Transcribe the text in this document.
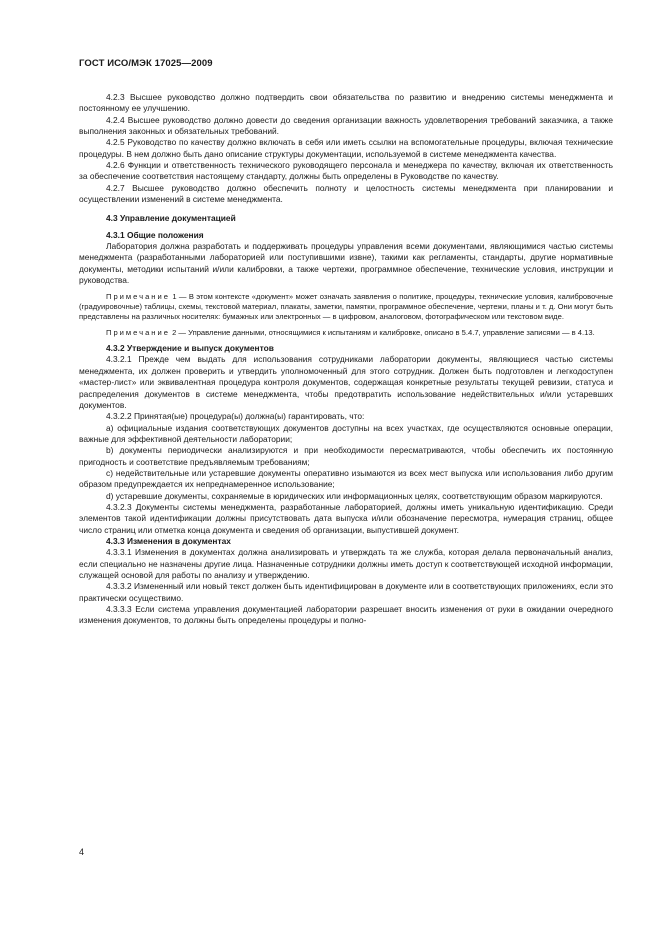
ГОСТ ИСО/МЭК 17025—2009

4.2.3 Высшее руководство должно подтвердить свои обязательства по развитию и внедрению системы менеджмента и постоянному ее улучшению.

4.2.4 Высшее руководство должно довести до сведения организации важность удовлетворения требований заказчика, а также выполнения законных и обязательных требований.

4.2.5 Руководство по качеству должно включать в себя или иметь ссылки на вспомогательные процедуры, включая технические процедуры. В нем должно быть дано описание структуры документации, используемой в системе менеджмента качества.

4.2.6 Функции и ответственность технического руководящего персонала и менеджера по качеству, включая их ответственность за обеспечение соответствия настоящему стандарту, должны быть определены в Руководстве по качеству.

4.2.7 Высшее руководство должно обеспечить полноту и целостность системы менеджмента при планировании и осуществлении изменений в системе менеджмента.

4.3 Управление документацией

4.3.1 Общие положения

Лаборатория должна разработать и поддерживать процедуры управления всеми документами, являющимися частью системы менеджмента (разработанными лабораторией или поступившими извне), такими как регламенты, стандарты, другие нормативные документы, методики испытаний и/или калибровки, а также чертежи, программное обеспечение, технические условия, инструкции и руководства.

Примечание 1 — В этом контексте «документ» может означать заявления о политике, процедуры, технические условия, калибровочные (градуировочные) таблицы, схемы, текстовой материал, плакаты, заметки, памятки, программное обеспечение, чертежи, планы и т. д. Они могут быть представлены на различных носителях: бумажных или электронных — в цифровом, аналоговом, фотографическом или текстовом виде.

Примечание 2 — Управление данными, относящимися к испытаниям и калибровке, описано в 5.4.7, управление записями — в 4.13.

4.3.2 Утверждение и выпуск документов

4.3.2.1 Прежде чем выдать для использования сотрудниками лаборатории документы, являющиеся частью системы менеджмента, их должен проверить и утвердить уполномоченный для этого сотрудник. Должен быть подготовлен и легкодоступен «мастер-лист» или эквивалентная процедура контроля документов, содержащая конкретные результаты текущей ревизии, статуса и распределения документов в системе менеджмента, чтобы предотвратить использование недействительных и/или устаревших документов.

4.3.2.2 Принятая(ые) процедура(ы) должна(ы) гарантировать, что:

a) официальные издания соответствующих документов доступны на всех участках, где осуществляются основные операции, важные для эффективной деятельности лаборатории;

b) документы периодически анализируются и при необходимости пересматриваются, чтобы обеспечить их постоянную пригодность и соответствие предъявляемым требованиям;

c) недействительные или устаревшие документы оперативно изымаются из всех мест выпуска или использования либо другим образом предупреждается их непреднамеренное использование;

d) устаревшие документы, сохраняемые в юридических или информационных целях, соответствующим образом маркируются.

4.3.2.3 Документы системы менеджмента, разработанные лабораторией, должны иметь уникальную идентификацию. Среди элементов такой идентификации должны присутствовать дата выпуска и/или обозначение пересмотра, нумерация страниц, общее число страниц или отметка конца документа и сведения об организации, выпустившей документ.

4.3.3 Изменения в документах

4.3.3.1 Изменения в документах должна анализировать и утверждать та же служба, которая делала первоначальный анализ, если специально не назначены другие лица. Назначенные сотрудники должны иметь доступ к соответствующей исходной информации, служащей основой для работы по анализу и утверждению.

4.3.3.2 Измененный или новый текст должен быть идентифицирован в документе или в соответствующих приложениях, если это практически осуществимо.

4.3.3.3 Если система управления документацией лаборатории разрешает вносить изменения от руки в ожидании очередного изменения документов, то должны быть определены процедуры и полно-

4
